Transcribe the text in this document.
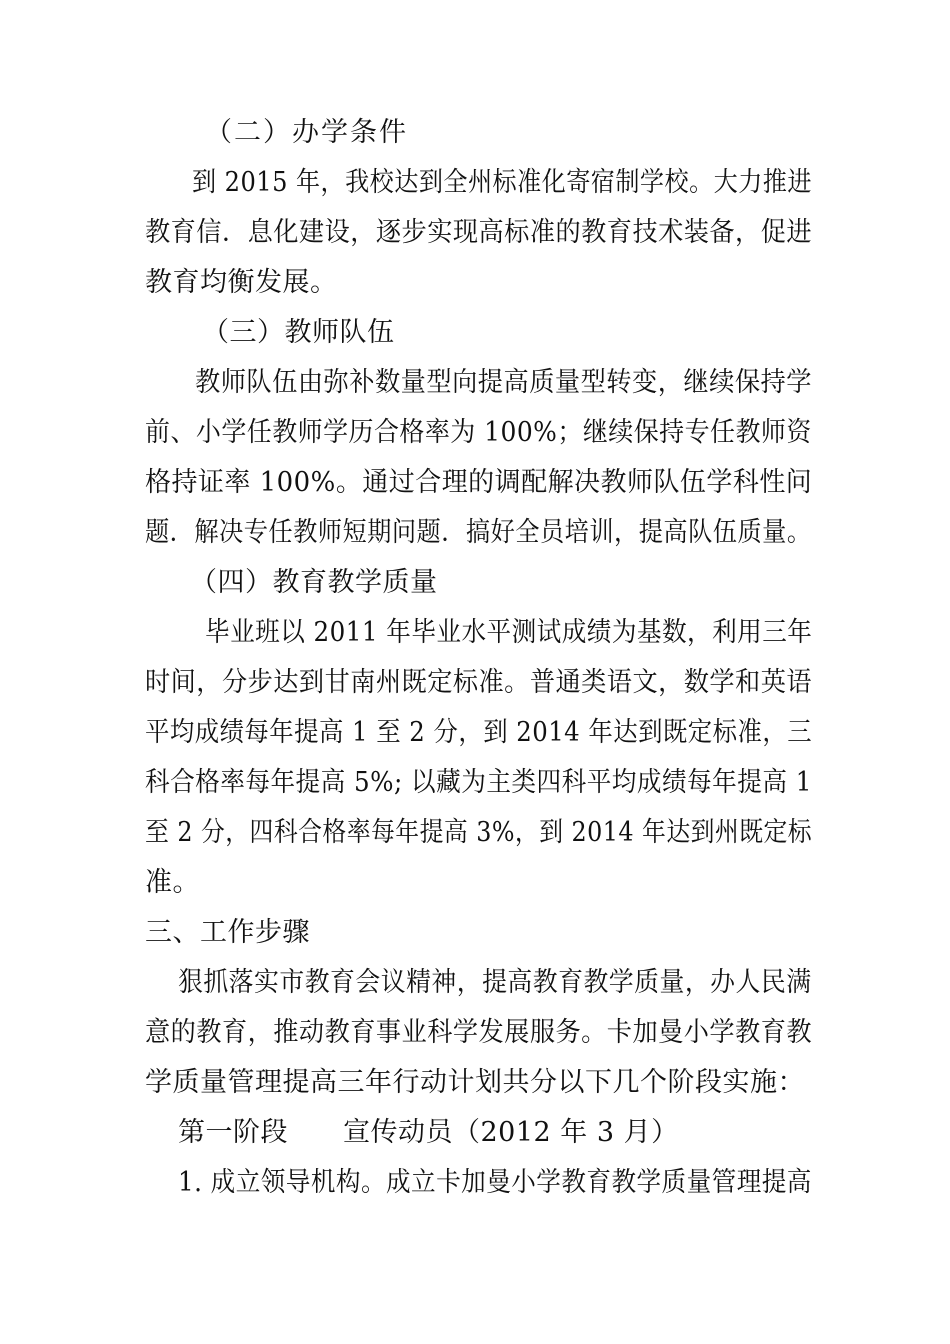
（二）办学条件
到 2015 年，我校达到全州标准化寄宿制学校。大力推进
教育信．息化建设，逐步实现高标准的教育技术装备，促进
教育均衡发展。
（三）教师队伍
教师队伍由弥补数量型向提高质量型转变，继续保持学
前、小学任教师学历合格率为 100%；继续保持专任教师资
格持证率 100%。通过合理的调配解决教师队伍学科性问
题．解决专任教师短期问题．搞好全员培训，提高队伍质量。
（四）教育教学质量
毕业班以 2011 年毕业水平测试成绩为基数，利用三年
时间，分步达到甘南州既定标准。普通类语文，数学和英语
平均成绩每年提高 1 至 2 分，到 2014 年达到既定标准，三
科合格率每年提高 5%; 以藏为主类四科平均成绩每年提高 1
至 2 分，四科合格率每年提高 3%，到 2014 年达到州既定标
准。
三、工作步骤
狠抓落实市教育会议精神，提高教育教学质量，办人民满
意的教育，推动教育事业科学发展服务。卡加曼小学教育教
学质量管理提高三年行动计划共分以下几个阶段实施：
第一阶段　　宣传动员（2012 年 3 月）
1. 成立领导机构。成立卡加曼小学教育教学质量管理提高
